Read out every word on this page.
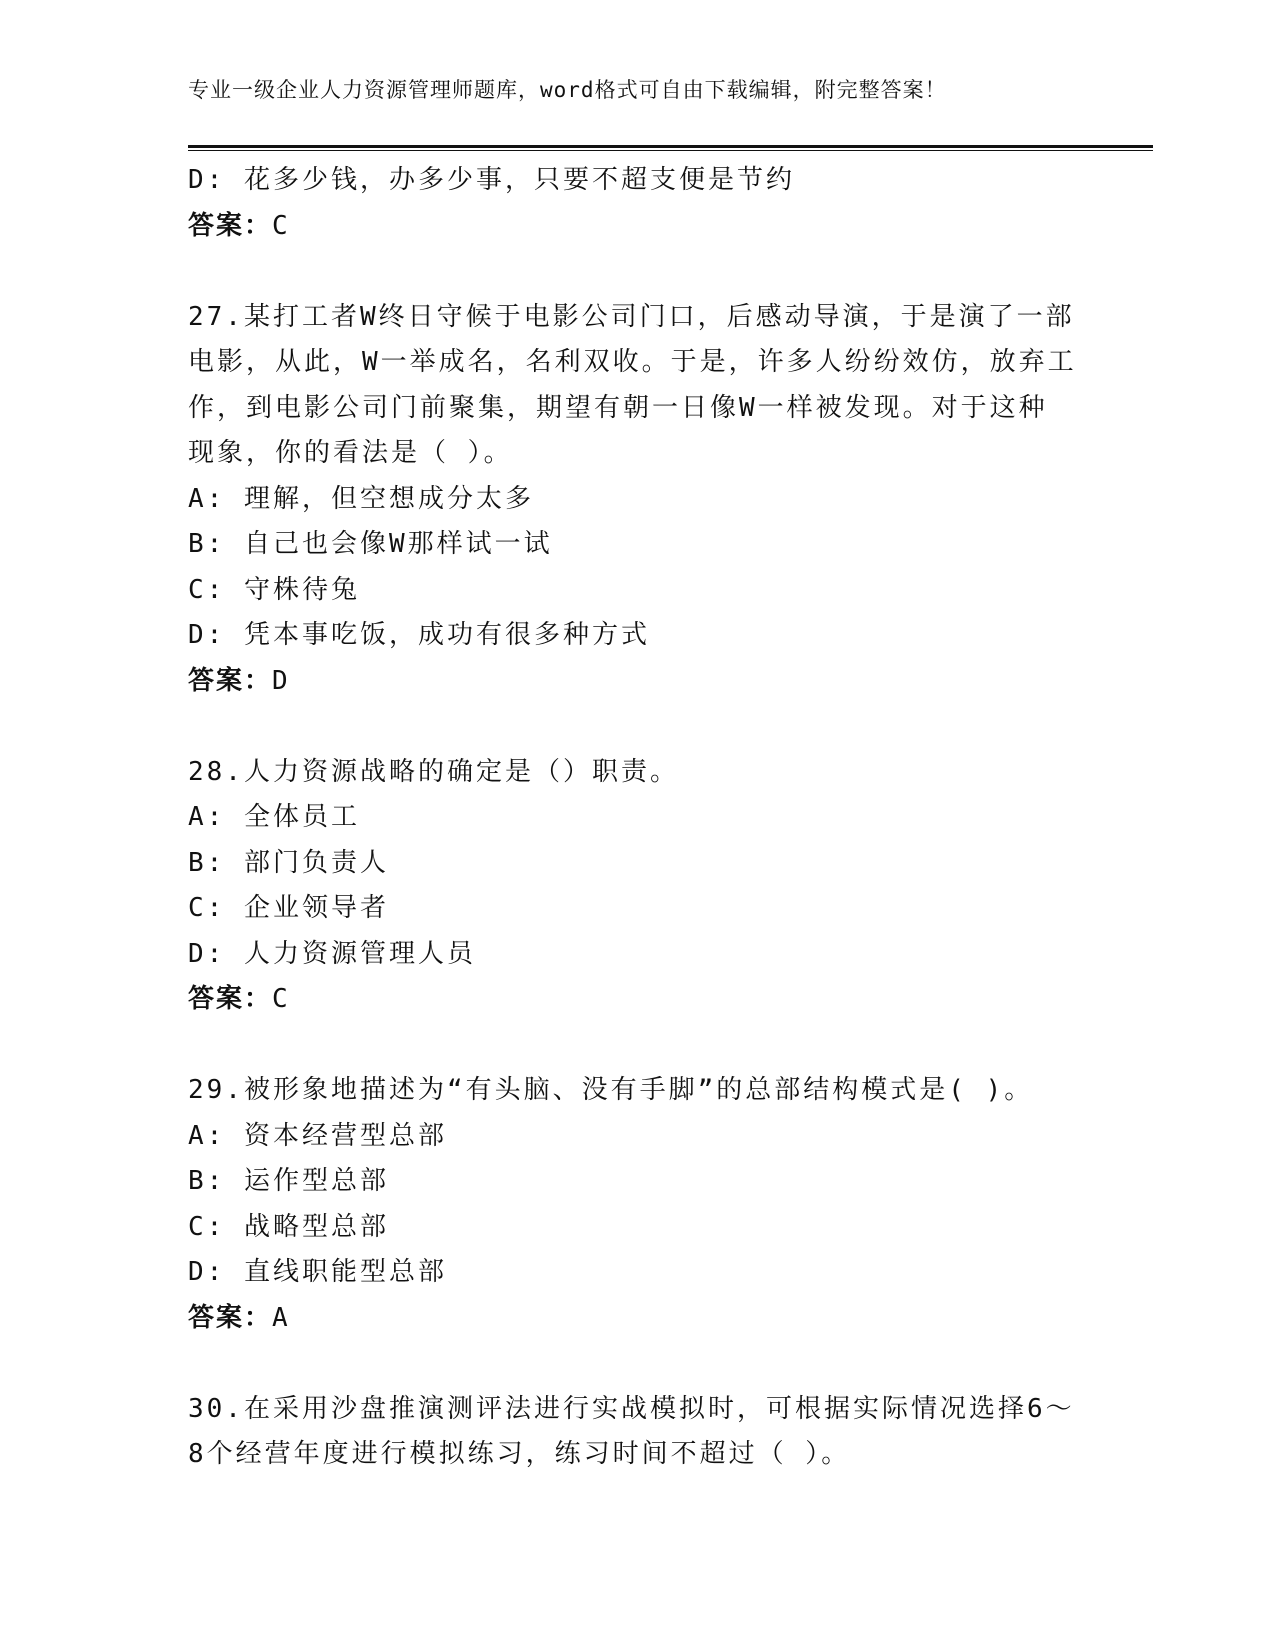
专业一级企业人力资源管理师题库，word格式可自由下载编辑，附完整答案！
D: 花多少钱，办多少事，只要不超支便是节约
答案：C
27.某打工者W终日守候于电影公司门口，后感动导演，于是演了一部
电影，从此，W一举成名，名利双收。于是，许多人纷纷效仿，放弃工
作，到电影公司门前聚集，期望有朝一日像W一样被发现。对于这种
现象，你的看法是（ ）。
A: 理解，但空想成分太多
B: 自己也会像W那样试一试
C: 守株待兔
D: 凭本事吃饭，成功有很多种方式
答案：D
28.人力资源战略的确定是（）职责。
A: 全体员工
B: 部门负责人
C: 企业领导者
D: 人力资源管理人员
答案：C
29.被形象地描述为“有头脑、没有手脚”的总部结构模式是( )。
A: 资本经营型总部
B: 运作型总部
C: 战略型总部
D: 直线职能型总部
答案：A
30.在采用沙盘推演测评法进行实战模拟时，可根据实际情况选择6～
8个经营年度进行模拟练习，练习时间不超过（ ）。
